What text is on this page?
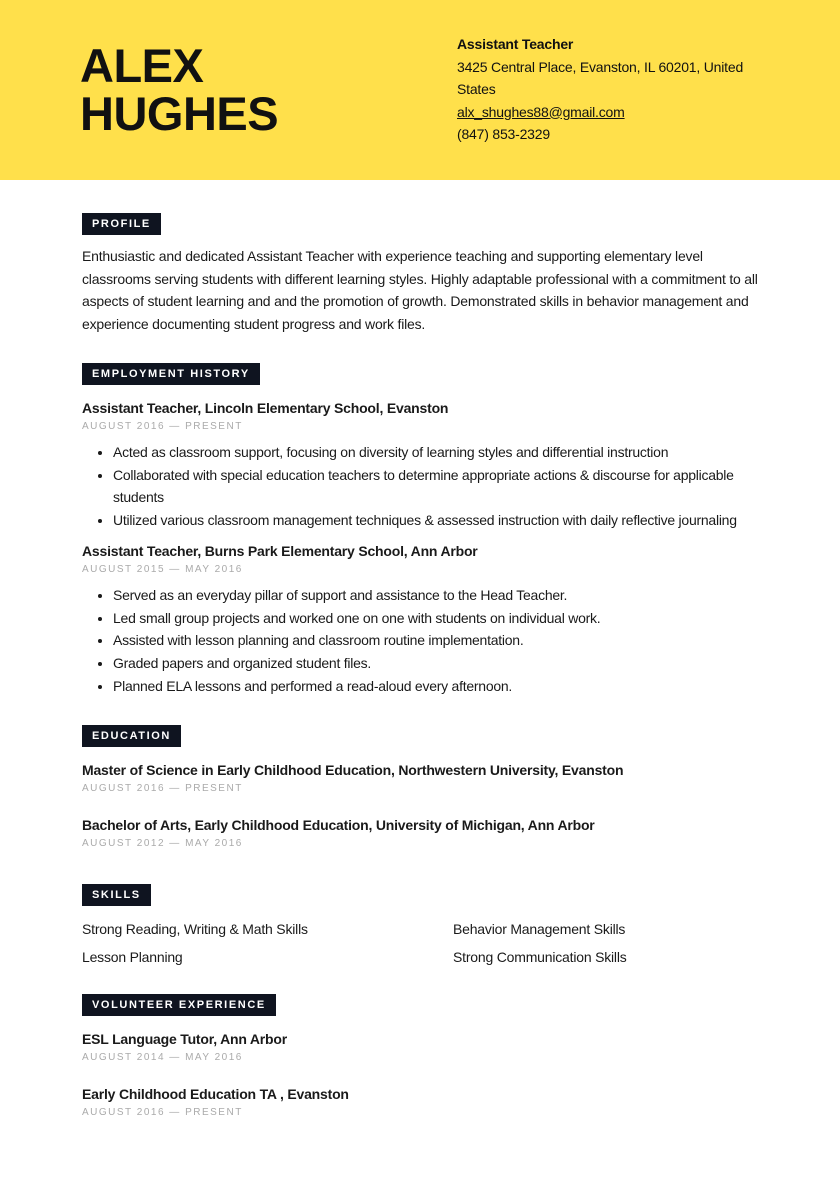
ALEX
HUGHES
Assistant Teacher
3425 Central Place, Evanston, IL 60201, United States
alx_shughes88@gmail.com
(847) 853-2329
PROFILE
Enthusiastic and dedicated Assistant Teacher with experience teaching and supporting elementary level classrooms serving students with different learning styles. Highly adaptable professional with a commitment to all aspects of student learning and and the promotion of growth. Demonstrated skills in behavior management and experience documenting student progress and work files.
EMPLOYMENT HISTORY
Assistant Teacher, Lincoln Elementary School, Evanston
AUGUST 2016 — PRESENT
• Acted as classroom support, focusing on diversity of learning styles and differential instruction
• Collaborated with special education teachers to determine appropriate actions & discourse for applicable students
• Utilized various classroom management techniques & assessed instruction with daily reflective journaling
Assistant Teacher, Burns Park Elementary School, Ann Arbor
AUGUST 2015 — MAY 2016
• Served as an everyday pillar of support and assistance to the Head Teacher.
• Led small group projects and worked one on one with students on individual work.
• Assisted with lesson planning and classroom routine implementation.
• Graded papers and organized student files.
• Planned ELA lessons and performed a read-aloud every afternoon.
EDUCATION
Master of Science in Early Childhood Education, Northwestern University, Evanston
AUGUST 2016 — PRESENT
Bachelor of Arts, Early Childhood Education, University of Michigan, Ann Arbor
AUGUST 2012 — MAY 2016
SKILLS
Strong Reading, Writing & Math Skills	Behavior Management Skills
Lesson Planning	Strong Communication Skills
VOLUNTEER EXPERIENCE
ESL Language Tutor, Ann Arbor
AUGUST 2014 — MAY 2016
Early Childhood Education TA , Evanston
AUGUST 2016 — PRESENT
